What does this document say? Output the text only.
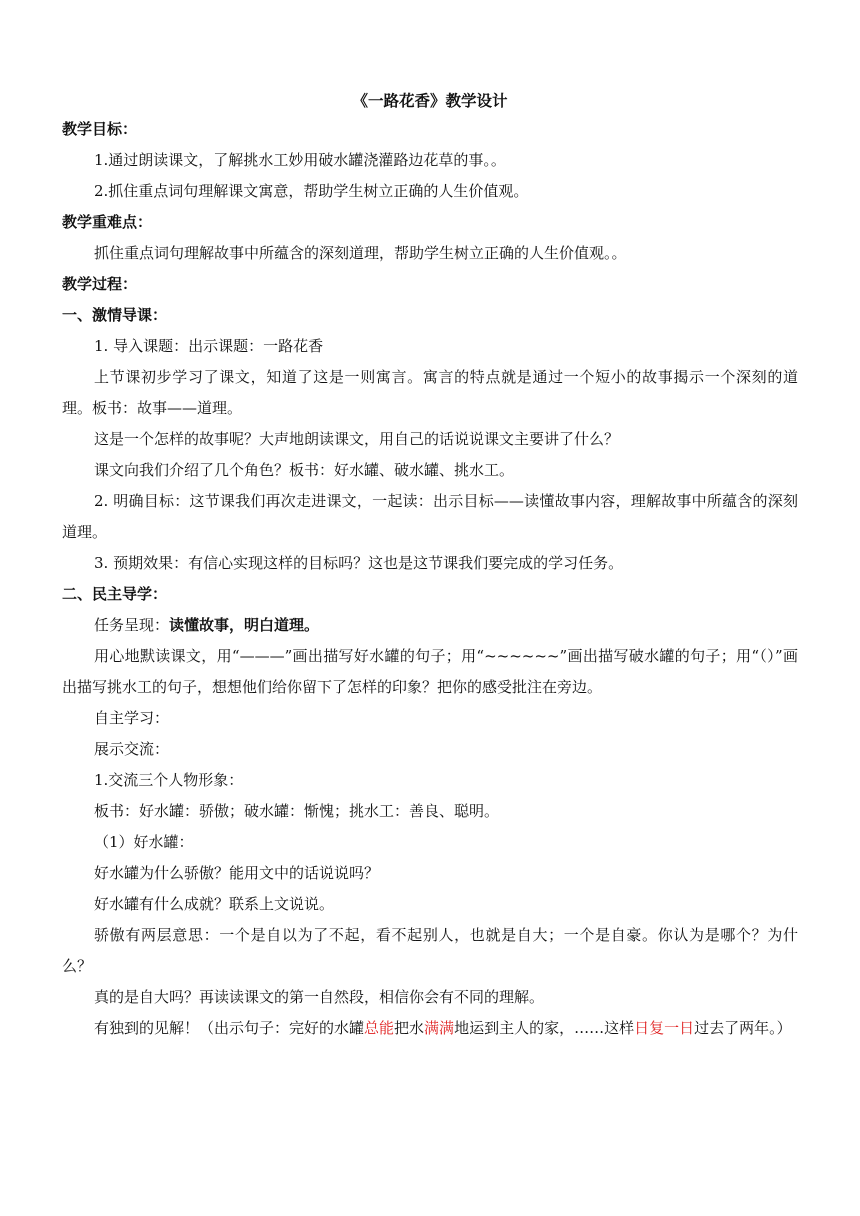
《一路花香》教学设计
教学目标：
1.通过朗读课文，了解挑水工妙用破水罐浇灌路边花草的事。。
2.抓住重点词句理解课文寓意，帮助学生树立正确的人生价值观。
教学重难点：
抓住重点词句理解故事中所蕴含的深刻道理，帮助学生树立正确的人生价值观。。
教学过程：
一、激情导课：
1. 导入课题：出示课题：一路花香
上节课初步学习了课文，知道了这是一则寓言。寓言的特点就是通过一个短小的故事揭示一个深刻的道理。板书：故事——道理。
这是一个怎样的故事呢？大声地朗读课文，用自己的话说说课文主要讲了什么？
课文向我们介绍了几个角色？板书：好水罐、破水罐、挑水工。
2. 明确目标：这节课我们再次走进课文，一起读：出示目标——读懂故事内容，理解故事中所蕴含的深刻道理。
3. 预期效果：有信心实现这样的目标吗？这也是这节课我们要完成的学习任务。
二、民主导学：
任务呈现：读懂故事，明白道理。
用心地默读课文，用“———”画出描写好水罐的句子；用“~~~~~~”画出描写破水罐的句子；用“（）”画出描写挑水工的句子，想想他们给你留下了怎样的印象？把你的感受批注在旁边。
自主学习：
展示交流：
1.交流三个人物形象：
板书：好水罐：骄傲；破水罐：惭愧；挑水工：善良、聪明。
（1）好水罐：
好水罐为什么骄傲？能用文中的话说说吗？
好水罐有什么成就？联系上文说说。
骄傲有两层意思：一个是自以为了不起，看不起别人，也就是自大；一个是自豪。你认为是哪个？为什么？
真的是自大吗？再读读课文的第一自然段，相信你会有不同的理解。
有独到的见解！（出示句子：完好的水罐总能把水满满地运到主人的家，……这样日复一日过去了两年。）
